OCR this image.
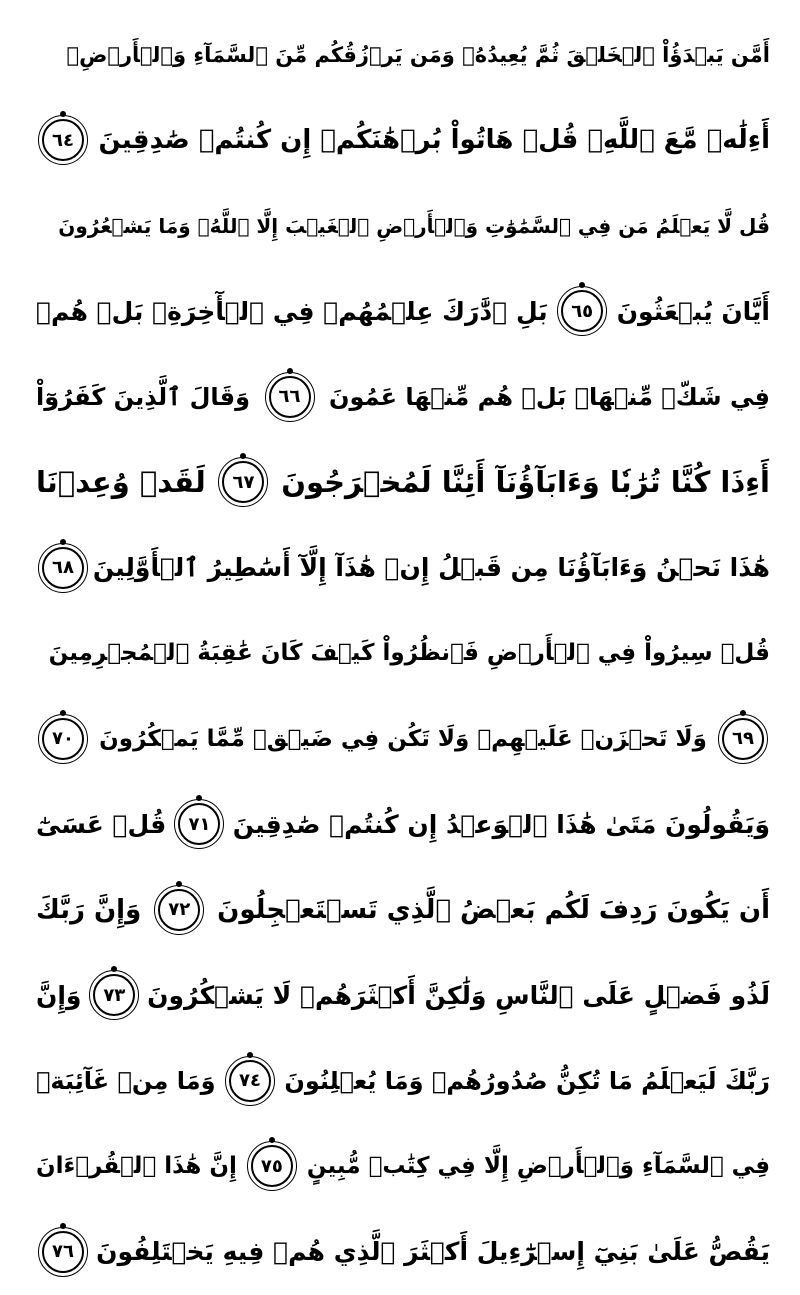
أَمَّن يَبۡدَؤُاْ ٱلۡخَلۡقَ ثُمَّ يُعِيدُهُۥ وَمَن يَرۡزُقُكُم مِّنَ ٱلسَّمَآءِ وَٱلۡأَرۡضِۗ
أَءِلَٰهٞ مَّعَ ٱللَّهِۚ قُلۡ هَاتُواْ بُرۡهَٰنَكُمۡ إِن كُنتُمۡ صَٰدِقِينَ
٦٤
قُل لَّا يَعۡلَمُ مَن فِي ٱلسَّمَٰوَٰتِ وَٱلۡأَرۡضِ ٱلۡغَيۡبَ إِلَّا ٱللَّهُۚ وَمَا يَشۡعُرُونَ
أَيَّانَ يُبۡعَثُونَ
٦٥
بَلِ ٱدَّٰرَكَ عِلۡمُهُمۡ فِي ٱلۡأٓخِرَةِۚ بَلۡ هُمۡ
فِي شَكّٖ مِّنۡهَاۖ بَلۡ هُم مِّنۡهَا عَمُونَ
٦٦
وَقَالَ ٱلَّذِينَ كَفَرُوٓاْ
أَءِذَا كُنَّا تُرَٰبٗا وَءَابَآؤُنَآ أَئِنَّا لَمُخۡرَجُونَ
٦٧
لَقَدۡ وُعِدۡنَا
هَٰذَا نَحۡنُ وَءَابَآؤُنَا مِن قَبۡلُ إِنۡ هَٰذَآ إِلَّآ أَسَٰطِيرُ ٱلۡأَوَّلِينَ
٦٨
قُلۡ سِيرُواْ فِي ٱلۡأَرۡضِ فَٱنظُرُواْ كَيۡفَ كَانَ عَٰقِبَةُ ٱلۡمُجۡرِمِينَ
٦٩
وَلَا تَحۡزَنۡ عَلَيۡهِمۡ وَلَا تَكُن فِي ضَيۡقٖ مِّمَّا يَمۡكُرُونَ
٧٠
وَيَقُولُونَ مَتَىٰ هَٰذَا ٱلۡوَعۡدُ إِن كُنتُمۡ صَٰدِقِينَ
٧١
قُلۡ عَسَىٰٓ
أَن يَكُونَ رَدِفَ لَكُم بَعۡضُ ٱلَّذِي تَسۡتَعۡجِلُونَ
٧٢
وَإِنَّ رَبَّكَ
لَذُو فَضۡلٍ عَلَى ٱلنَّاسِ وَلَٰكِنَّ أَكۡثَرَهُمۡ لَا يَشۡكُرُونَ
٧٣
وَإِنَّ
رَبَّكَ لَيَعۡلَمُ مَا تُكِنُّ صُدُورُهُمۡ وَمَا يُعۡلِنُونَ
٧٤
وَمَا مِنۡ غَآئِبَةٖ
فِي ٱلسَّمَآءِ وَٱلۡأَرۡضِ إِلَّا فِي كِتَٰبٖ مُّبِينٍ
٧٥
إِنَّ هَٰذَا ٱلۡقُرۡءَانَ
يَقُصُّ عَلَىٰ بَنِيٓ إِسۡرَٰٓءِيلَ أَكۡثَرَ ٱلَّذِي هُمۡ فِيهِ يَخۡتَلِفُونَ
٧٦
